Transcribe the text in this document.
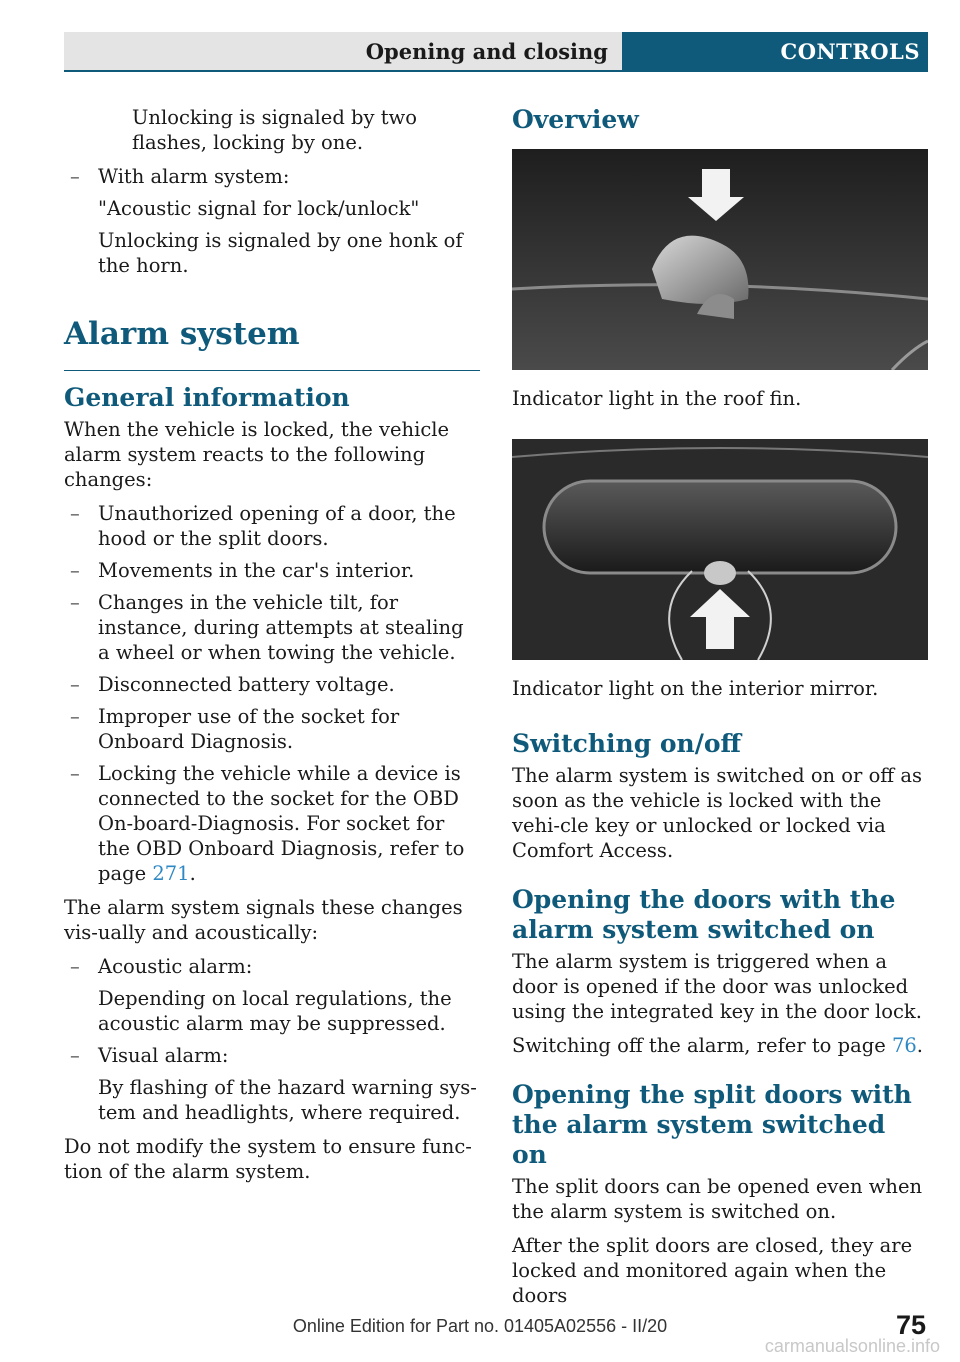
Opening and closing	CONTROLS

Unlocking is signaled by two flashes, locking by one.

– With alarm system:
"Acoustic signal for lock/unlock"
Unlocking is signaled by one honk of the horn.
Alarm system
General information

When the vehicle is locked, the vehicle alarm system reacts to the following changes:

– Unauthorized opening of a door, the hood or the split doors.
– Movements in the car's interior.
– Changes in the vehicle tilt, for instance, during attempts at stealing a wheel or when towing the vehicle.
– Disconnected battery voltage.
– Improper use of the socket for Onboard Diagnosis.
– Locking the vehicle while a device is connected to the socket for the OBD On-board-Diagnosis. For socket for the OBD Onboard Diagnosis, refer to page 271.

The alarm system signals these changes vis-ually and acoustically:

– Acoustic alarm:
Depending on local regulations, the acoustic alarm may be suppressed.
– Visual alarm:
By flashing of the hazard warning sys-tem and headlights, where required.

Do not modify the system to ensure func-tion of the alarm system.

Overview

Indicator light in the roof fin.

Indicator light on the interior mirror.

Switching on/off

The alarm system is switched on or off as soon as the vehicle is locked with the vehi-cle key or unlocked or locked via Comfort Access.

Opening the doors with the alarm system switched on

The alarm system is triggered when a door is opened if the door was unlocked using the integrated key in the door lock.

Switching off the alarm, refer to page 76.

Opening the split doors with the alarm system switched on

The split doors can be opened even when the alarm system is switched on.

After the split doors are closed, they are locked and monitored again when the doors

Online Edition for Part no. 01405A02556 - II/20	75
carmanualsonline.info
